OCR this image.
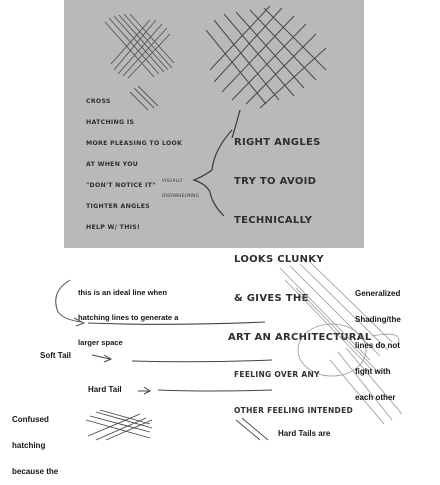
CROSS

HATCHING IS

MORE PLEASING TO LOOK

AT WHEN YOU

"DON'T NOTICE IT"

TIGHTER ANGLES

HELP W/ THIS!

VISUALLY

OVERWHELMING

RIGHT ANGLES

TRY TO AVOID

TECHNICALLY

LOOKS CLUNKY

& GIVES THE

ART AN ARCHITECTURAL

FEELING OVER ANY

OTHER FEELING INTENDED

this is an ideal line when

hatching lines to generate a

larger space

Generalized

Shading/the

lines do not

fight with

each other

Soft Tail
Hard Tail

Confused

hatching

because the

Hard Tails are
